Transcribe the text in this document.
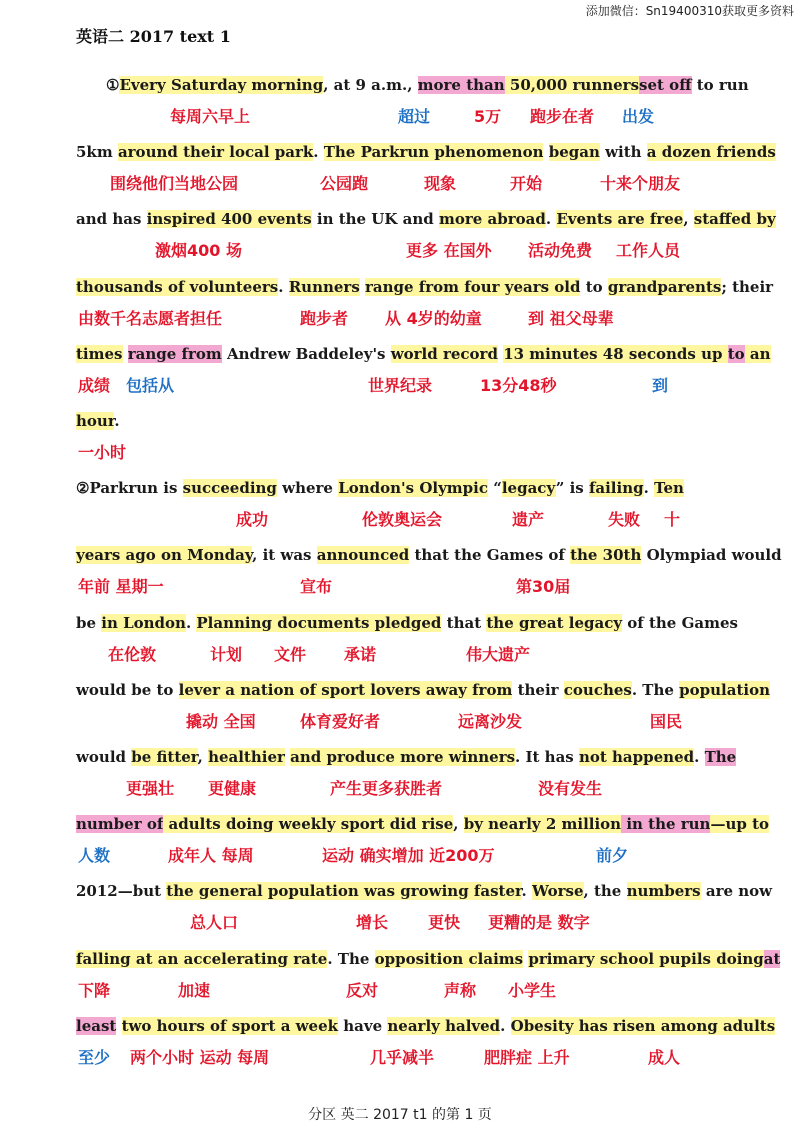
添加微信：Sn19400310获取更多资料
英语二 2017 text 1
①Every Saturday morning, at 9 a.m., more than 50,000 runnersset off to run
每周六早上	超过	5万 跑步在者 出发
5km around their local park. The Parkrun phenomenon began with a dozen friends
围绕他们当地公园	公园跑	现象	开始	十来个朋友
and has inspired 400 events in the UK and more abroad. Events are free, staffed by
激烟400 场	更多 在国外 活动免费 工作人员
thousands of volunteers. Runners range from four years old to grandparents; their
由数千名志愿者担任	跑步者 从 4岁的幼童	到 祖父母辈
times range from Andrew Baddeley's world record 13 minutes 48 seconds up to an
成绩 包括从	世界纪录	13分48秒	到
hour.
一小时
②Parkrun is succeeding where London's Olympic “legacy” is failing. Ten
成功	伦敦奥运会	遗产	失败 十
years ago on Monday, it was announced that the Games of the 30th Olympiad would
年前 星期一	宣布	第30届
be in London. Planning documents pledged that the great legacy of the Games
在伦敦	计划 文件 承诺	伟大遗产
would be to lever a nation of sport lovers away from their couches. The population
撬动 全国	体育爱好者	远离沙发	国民
would be fitter, healthier and produce more winners. It has not happened. The
更强壮 更健康	产生更多获胜者	没有发生
number of adults doing weekly sport did rise, by nearly 2 million in the run—up to
人数	成年人 每周	运动 确实增加 近200万	前夕
2012—but the general population was growing faster. Worse, the numbers are now
总人口	增长 更快 更糟的是 数字
falling at an accelerating rate. The opposition claims primary school pupils doingat
下降	加速	反对	声称 小学生
least two hours of sport a week have nearly halved. Obesity has risen among adults
至少 两个小时 运动 每周	几乎减半	肥胖症 上升	成人
分区 英二 2017 t1 的第 1 页
